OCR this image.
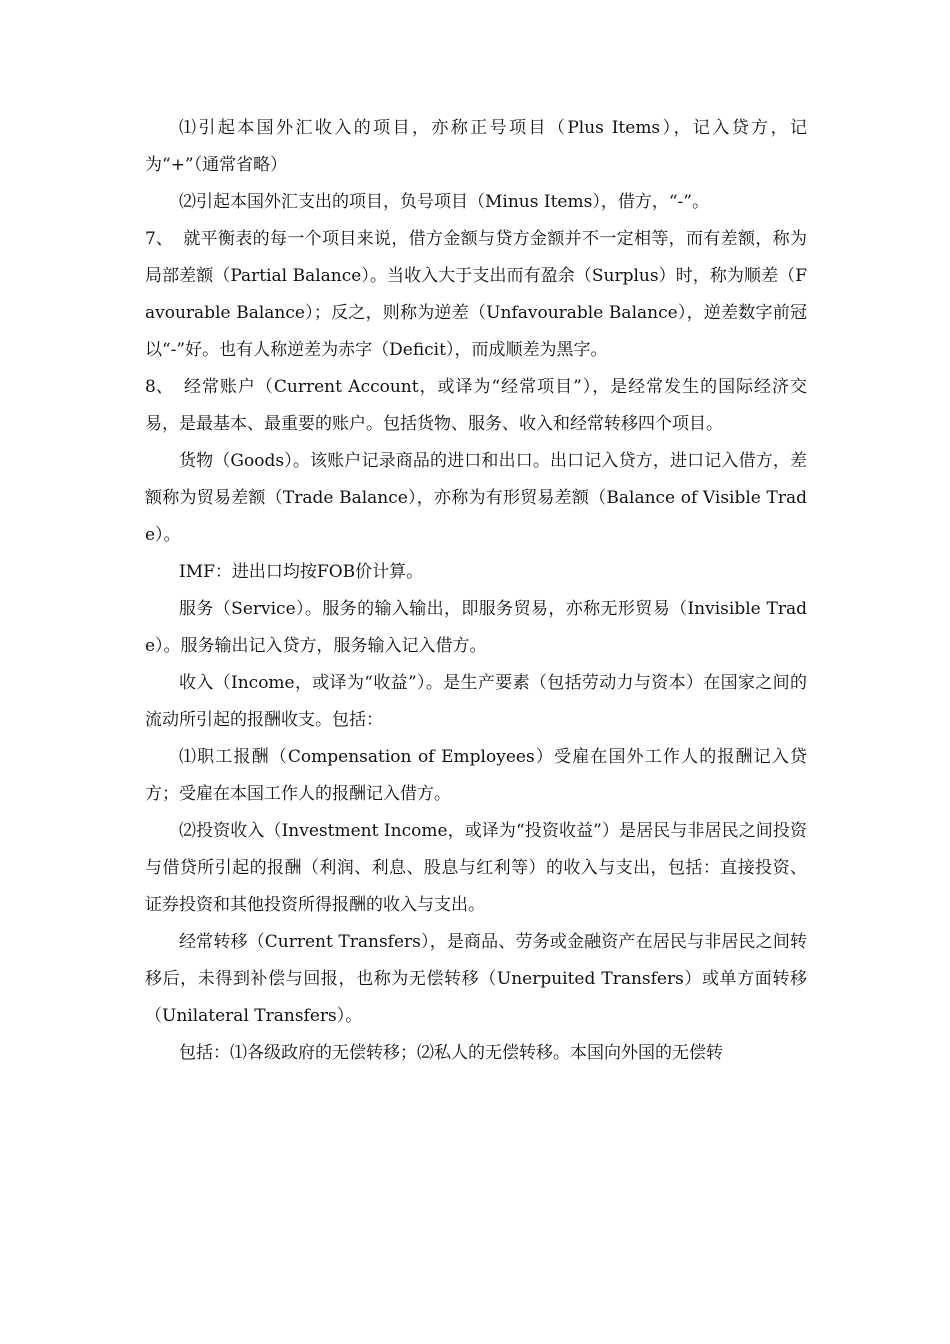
⑴引起本国外汇收入的项目，亦称正号项目（Plus Items），记入贷方，记为“+”（通常省略）

⑵引起本国外汇支出的项目，负号项目（Minus Items），借方，“-”。

7、 就平衡表的每一个项目来说，借方金额与贷方金额并不一定相等，而有差额，称为局部差额（Partial Balance）。当收入大于支出而有盈余（Surplus）时，称为顺差（Favourable Balance）；反之，则称为逆差（Unfavourable Balance），逆差数字前冠以“-”好。也有人称逆差为赤字（Deficit），而成顺差为黑字。

8、 经常账户（Current Account，或译为“经常项目”），是经常发生的国际经济交易，是最基本、最重要的账户。包括货物、服务、收入和经常转移四个项目。

货物（Goods）。该账户记录商品的进口和出口。出口记入贷方，进口记入借方，差额称为贸易差额（Trade Balance），亦称为有形贸易差额（Balance of Visible Trade）。

IMF：进出口均按FOB价计算。

服务（Service）。服务的输入输出，即服务贸易，亦称无形贸易（Invisible Trade）。服务输出记入贷方，服务输入记入借方。

收入（Income，或译为“收益”）。是生产要素（包括劳动力与资本）在国家之间的流动所引起的报酬收支。包括：

⑴职工报酬（Compensation of Employees）受雇在国外工作人的报酬记入贷方；受雇在本国工作人的报酬记入借方。

⑵投资收入（Investment Income，或译为“投资收益”）是居民与非居民之间投资与借贷所引起的报酬（利润、利息、股息与红利等）的收入与支出，包括：直接投资、证券投资和其他投资所得报酬的收入与支出。

经常转移（Current Transfers），是商品、劳务或金融资产在居民与非居民之间转移后，未得到补偿与回报，也称为无偿转移（Unerpuited Transfers）或单方面转移（Unilateral Transfers）。

包括：⑴各级政府的无偿转移；⑵私人的无偿转移。本国向外国的无偿转
